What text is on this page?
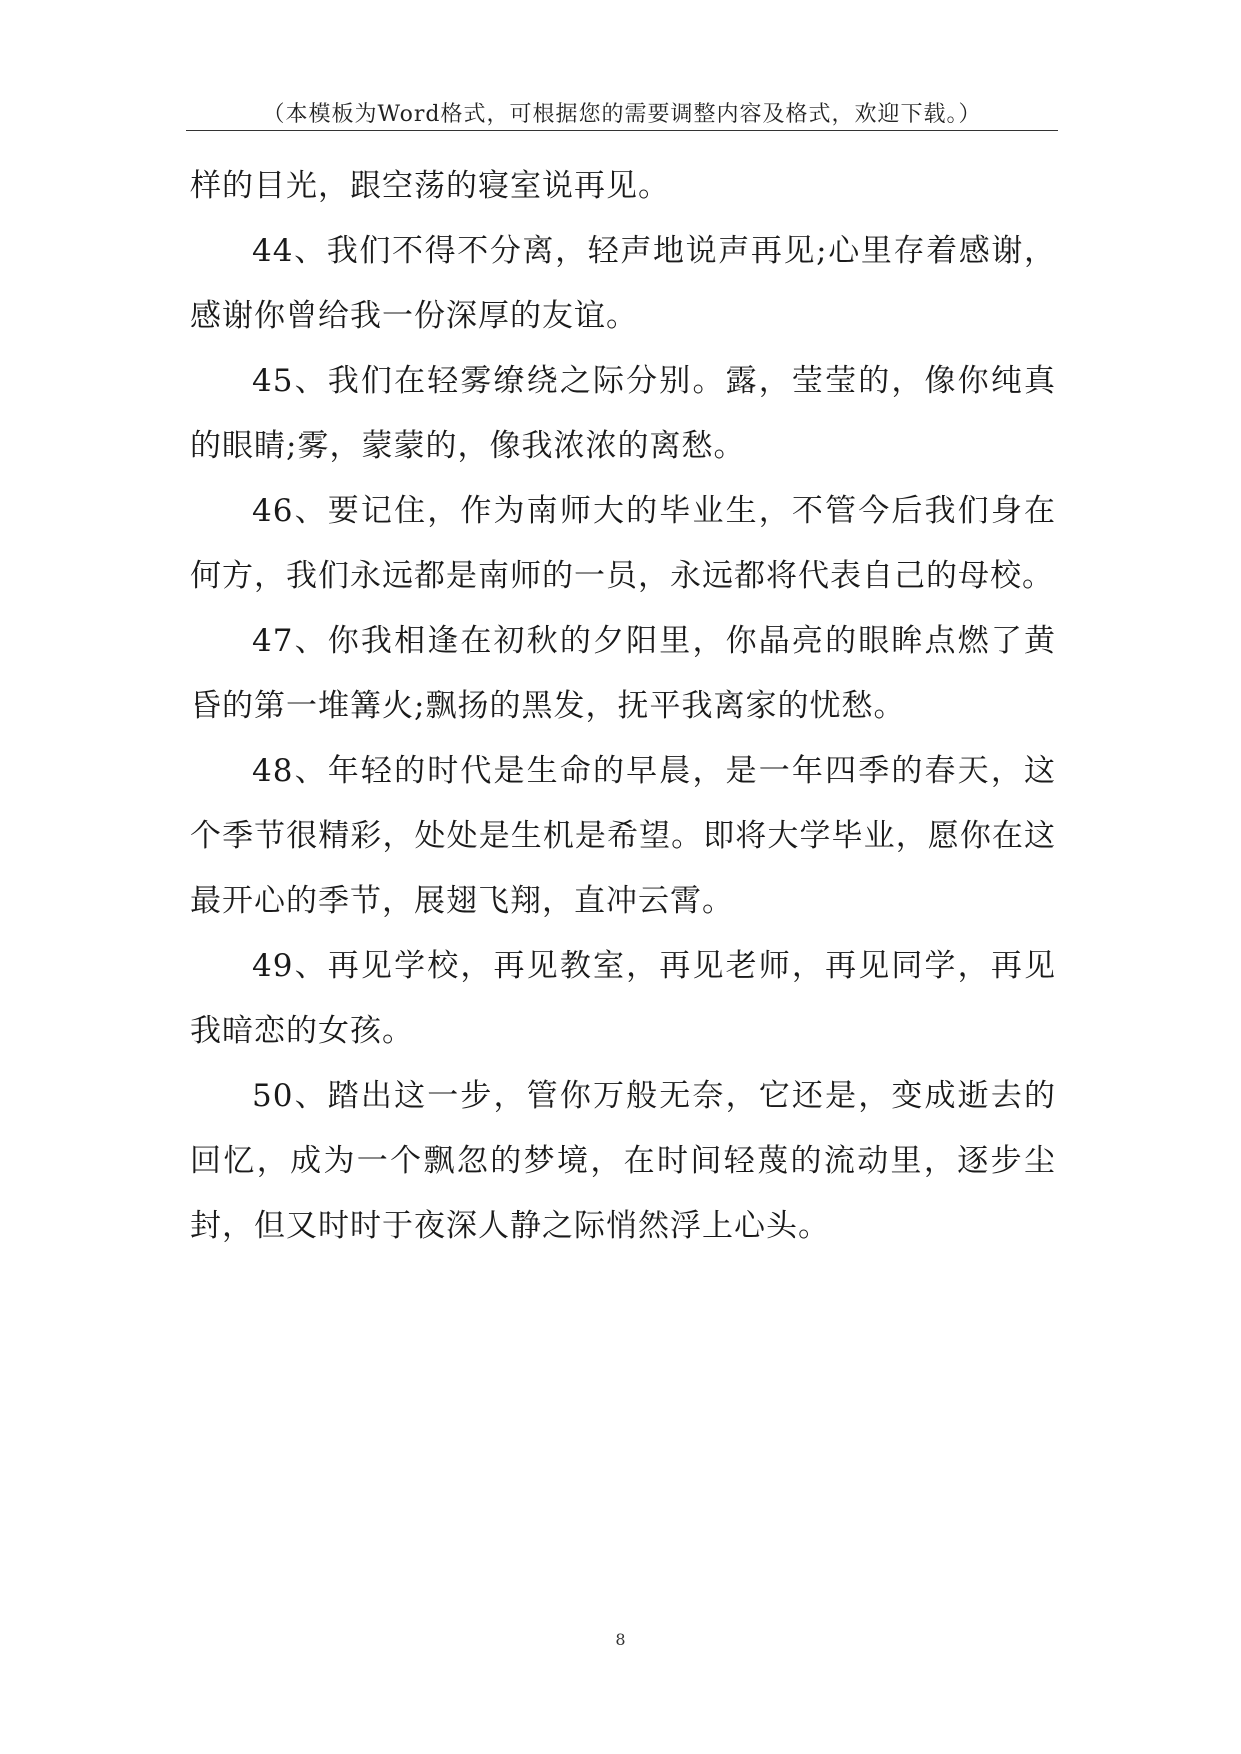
（本模板为Word格式，可根据您的需要调整内容及格式，欢迎下载。）

样的目光，跟空荡的寝室说再见。

44、我们不得不分离，轻声地说声再见;心里存着感谢，感谢你曾给我一份深厚的友谊。

45、我们在轻雾缭绕之际分别。露，莹莹的，像你纯真的眼睛;雾，蒙蒙的，像我浓浓的离愁。

46、要记住，作为南师大的毕业生，不管今后我们身在何方，我们永远都是南师的一员，永远都将代表自己的母校。

47、你我相逢在初秋的夕阳里，你晶亮的眼眸点燃了黄昏的第一堆篝火;飘扬的黑发，抚平我离家的忧愁。

48、年轻的时代是生命的早晨，是一年四季的春天，这个季节很精彩，处处是生机是希望。即将大学毕业，愿你在这最开心的季节，展翅飞翔，直冲云霄。

49、再见学校，再见教室，再见老师，再见同学，再见我暗恋的女孩。

50、踏出这一步，管你万般无奈，它还是，变成逝去的回忆，成为一个飘忽的梦境，在时间轻蔑的流动里，逐步尘封，但又时时于夜深人静之际悄然浮上心头。

8
